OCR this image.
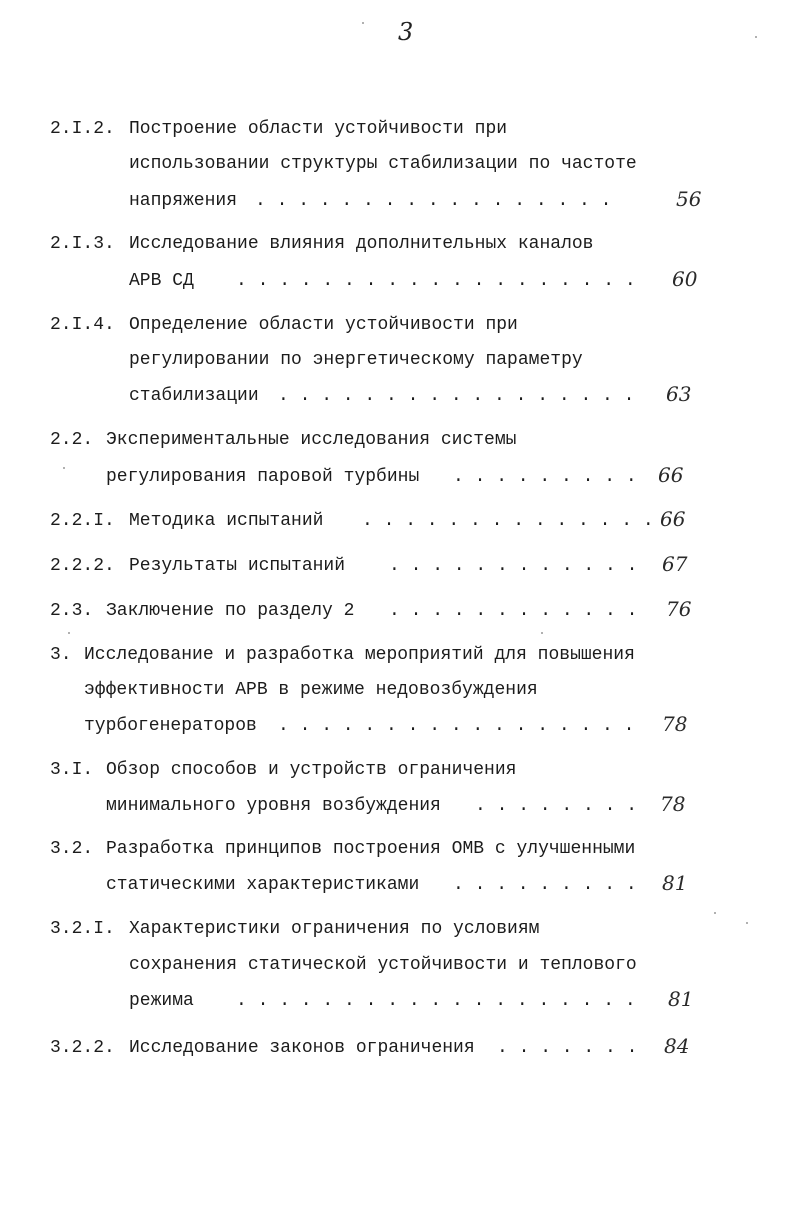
3
2.I.2. Построение области устойчивости при
использовании структуры стабилизации по частоте
напряжения . . . . . . . . . . . . . . . . .	56
2.I.3. Исследование влияния дополнительных каналов
АРВ СД . . . . . . . . . . . . . . . . . . . 60
2.I.4. Определение области устойчивости при
регулировании по энергетическому параметру
стабилизации . . . . . . . . . . . . . . . . . 63
2.2. Экспериментальные исследования системы
регулирования паровой турбины . . . . . . . . . 66
2.2.I. Методика испытаний . . . . . . . . . . . . . . 66
2.2.2. Результаты испытаний . . . . . . . . . . . . 67
2.3. Заключение по разделу 2 . . . . . . . . . . . . 76
3. Исследование и разработка мероприятий для повышения
эффективности АРВ в режиме недовозбуждения
турбогенераторов . . . . . . . . . . . . . . . . . 78
3.I. Обзор способов и устройств ограничения
минимального уровня возбуждения . . . . . . . . 78
3.2. Разработка принципов построения ОМВ с улучшенными
статическими характеристиками . . . . . . . . . 81
3.2.I. Характеристики ограничения по условиям
сохранения статической устойчивости и теплового
режима . . . . . . . . . . . . . . . . . . . 81
3.2.2. Исследование законов ограничения . . . . . . . 84
